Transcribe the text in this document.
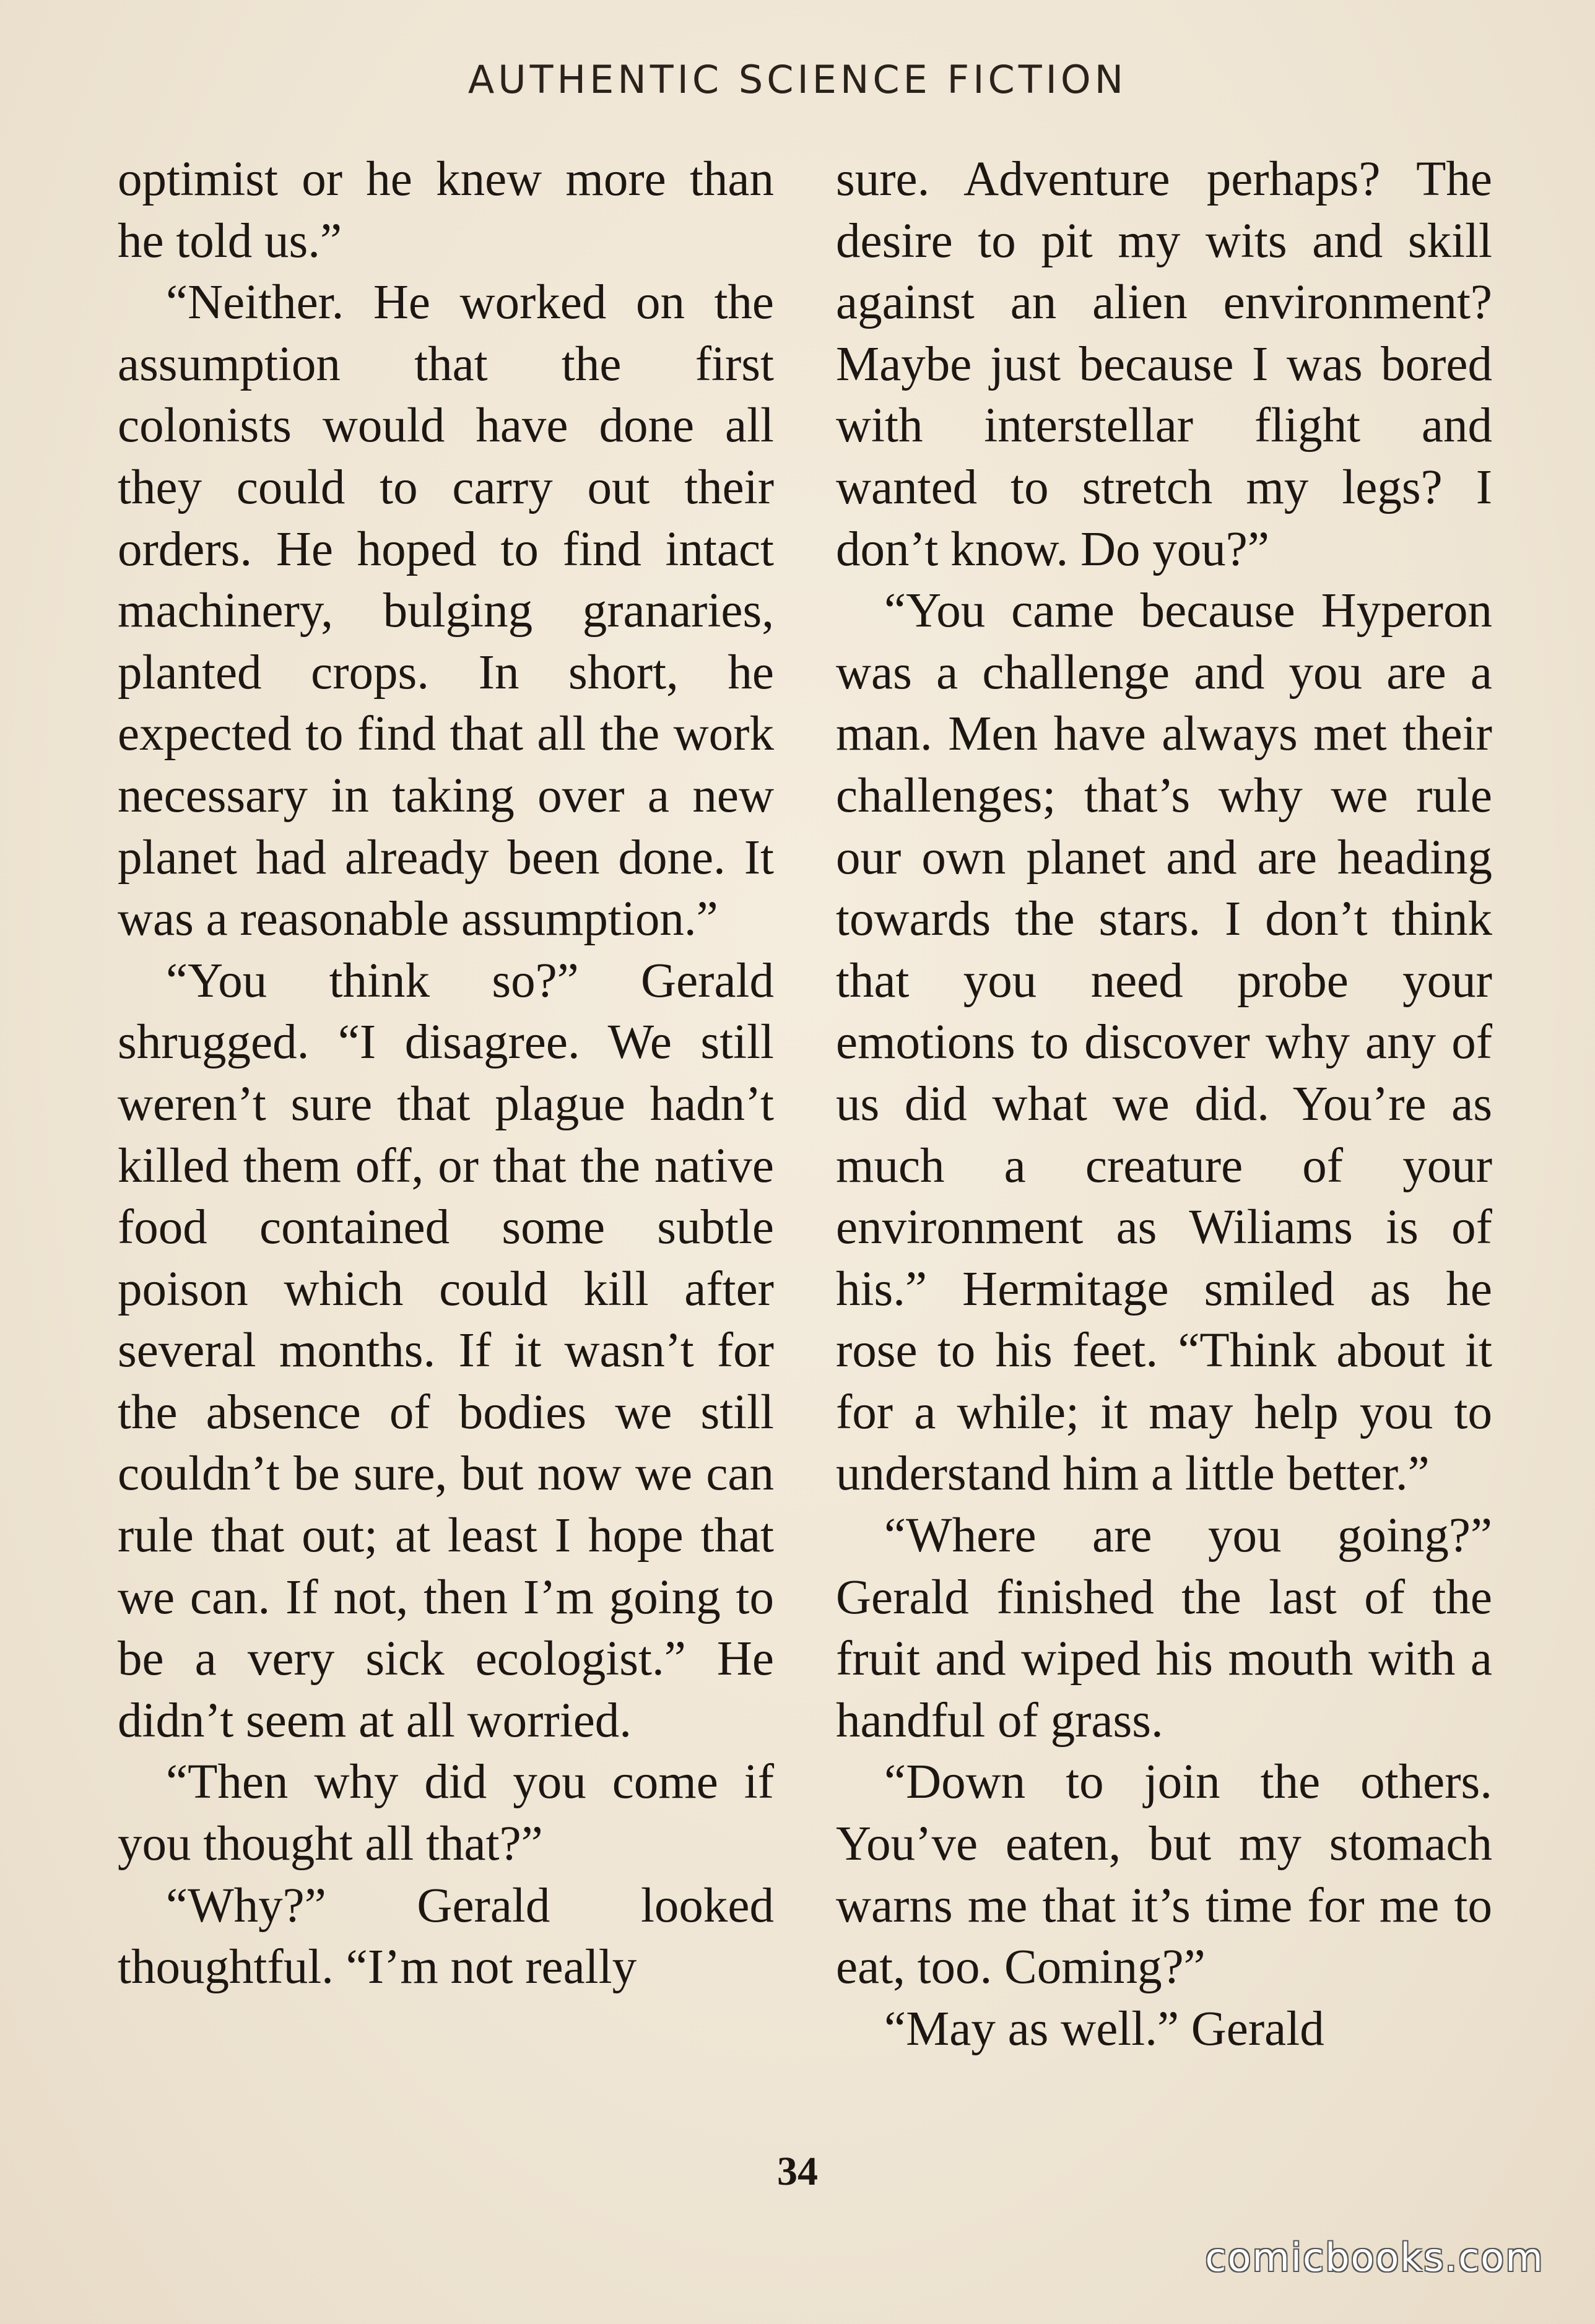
AUTHENTIC SCIENCE FICTION

optimist or he knew more than he told us.”

“Neither. He worked on the assumption that the first colonists would have done all they could to carry out their orders. He hoped to find intact machinery, bulging granaries, planted crops. In short, he expected to find that all the work necessary in taking over a new planet had already been done. It was a reasonable assumption.”

“You think so?” Gerald shrugged. “I disagree. We still weren’t sure that plague hadn’t killed them off, or that the native food contained some subtle poison which could kill after several months. If it wasn’t for the absence of bodies we still couldn’t be sure, but now we can rule that out; at least I hope that we can. If not, then I’m going to be a very sick ecologist.” He didn’t seem at all worried.

“Then why did you come if you thought all that?”

“Why?” Gerald looked thoughtful. “I’m not really

sure. Adventure perhaps? The desire to pit my wits and skill against an alien environment? Maybe just because I was bored with interstellar flight and wanted to stretch my legs? I don’t know. Do you?”

“You came because Hyperon was a challenge and you are a man. Men have always met their challenges; that’s why we rule our own planet and are heading towards the stars. I don’t think that you need probe your emotions to discover why any of us did what we did. You’re as much a creature of your environment as Wiliams is of his.” Hermitage smiled as he rose to his feet. “Think about it for a while; it may help you to understand him a little better.”

“Where are you going?” Gerald finished the last of the fruit and wiped his mouth with a handful of grass.

“Down to join the others. You’ve eaten, but my stomach warns me that it’s time for me to eat, too. Coming?”

“May as well.” Gerald

34
comicbooks.com
